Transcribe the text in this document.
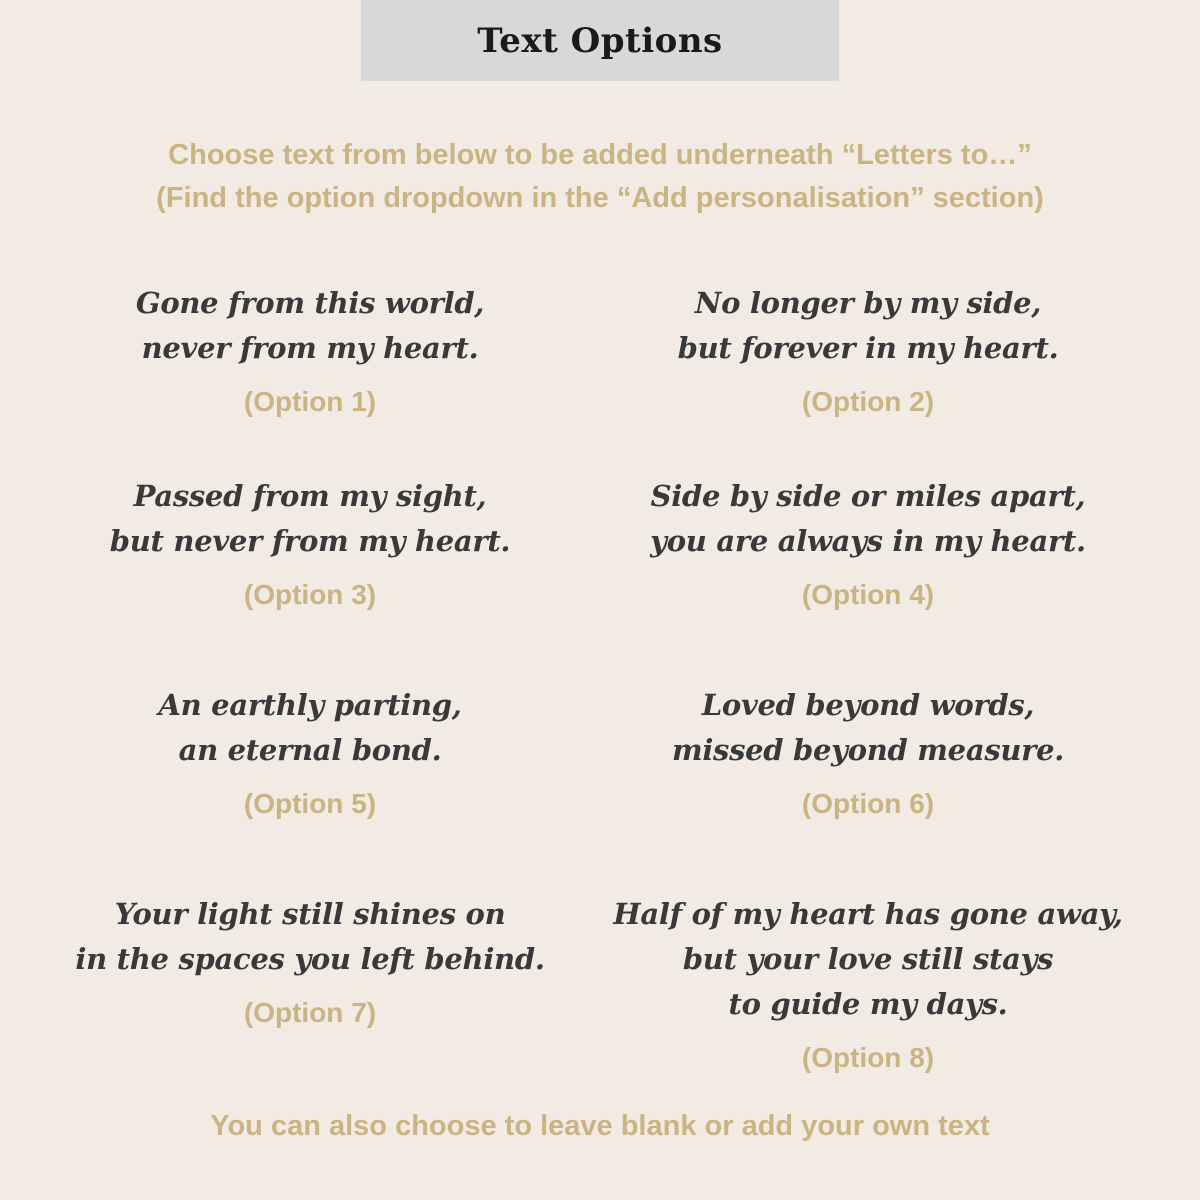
Text Options

Choose text from below to be added underneath “Letters to…”
(Find the option dropdown in the “Add personalisation” section)

Gone from this world,
never from my heart.

(Option 1)

No longer by my side,
but forever in my heart.

(Option 2)

Passed from my sight,
but never from my heart.

(Option 3)

Side by side or miles apart,
you are always in my heart.

(Option 4)

An earthly parting,
an eternal bond.

(Option 5)

Loved beyond words,
missed beyond measure.

(Option 6)

Your light still shines on
in the spaces you left behind.

(Option 7)

Half of my heart has gone away,
but your love still stays
to guide my days.

(Option 8)

You can also choose to leave blank or add your own text
